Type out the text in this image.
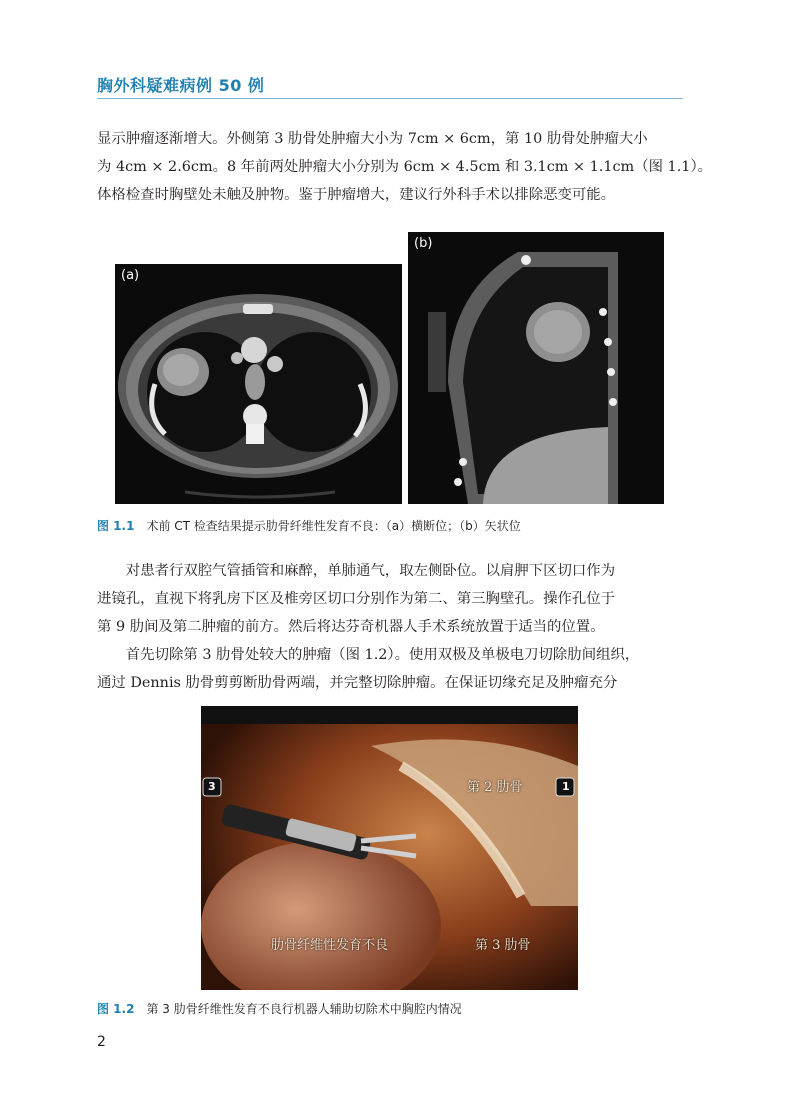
胸外科疑难病例 50 例

显示肿瘤逐渐增大。外侧第 3 肋骨处肿瘤大小为 7cm × 6cm，第 10 肋骨处肿瘤大小
为 4cm × 2.6cm。8 年前两处肿瘤大小分别为 6cm × 4.5cm 和 3.1cm × 1.1cm（图 1.1）。
体格检查时胸壁处未触及肿物。鉴于肿瘤增大，建议行外科手术以排除恶变可能。

(a)
(b)
图 1.1 术前 CT 检查结果提示肋骨纤维性发育不良：（a）横断位；（b）矢状位

对患者行双腔气管插管和麻醉，单肺通气，取左侧卧位。以肩胛下区切口作为
进镜孔，直视下将乳房下区及椎旁区切口分别作为第二、第三胸壁孔。操作孔位于
第 9 肋间及第二肿瘤的前方。然后将达芬奇机器人手术系统放置于适当的位置。

首先切除第 3 肋骨处较大的肿瘤（图 1.2）。使用双极及单极电刀切除肋间组织，
通过 Dennis 肋骨剪剪断肋骨两端，并完整切除肿瘤。在保证切缘充足及肿瘤充分

3	1
第 2 肋骨
肋骨纤维性发育不良	第 3 肋骨
图 1.2 第 3 肋骨纤维性发育不良行机器人辅助切除术中胸腔内情况
2
